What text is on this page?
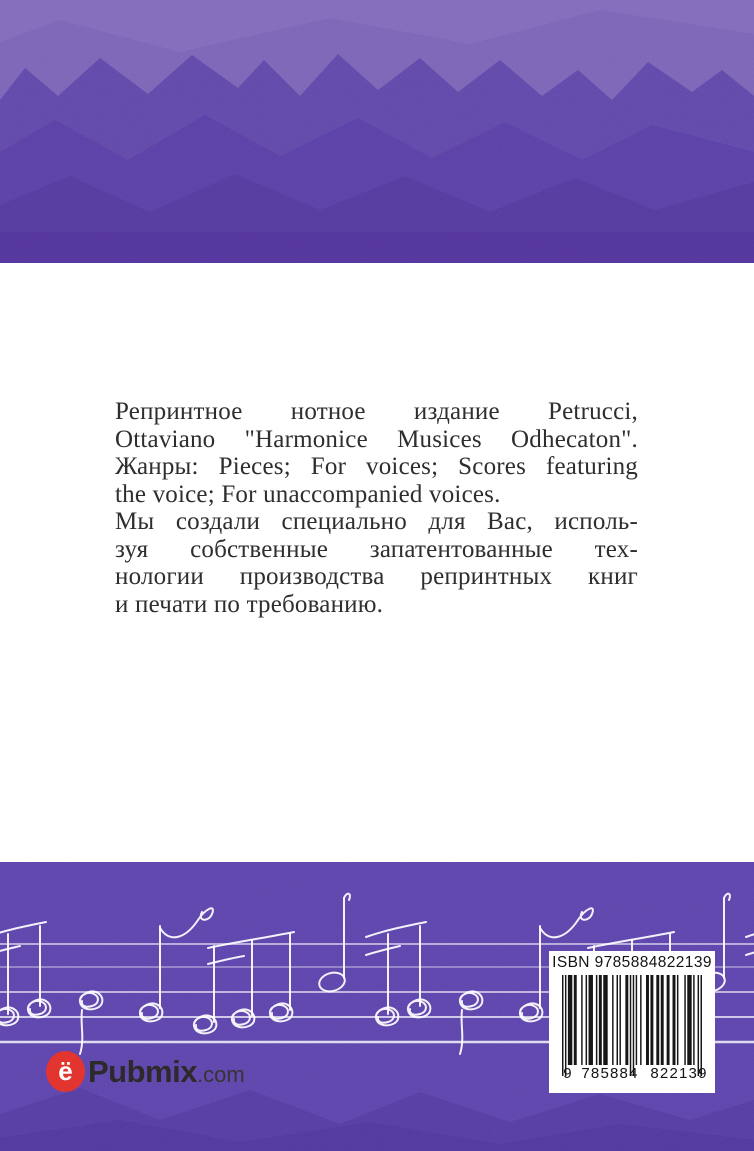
Репринтное нотное издание Petrucci,
Ottaviano "Harmonice Musices Odhecaton".
Жанры: Pieces; For voices; Scores featuring
the voice; For unaccompanied voices.
Мы создали специально для Вас, исполь-
зуя собственные запатентованные тех-
нологии производства репринтных книг
и печати по требованию.
ISBN 9785884822139
9 785884 822139
ё Pubmix.com
